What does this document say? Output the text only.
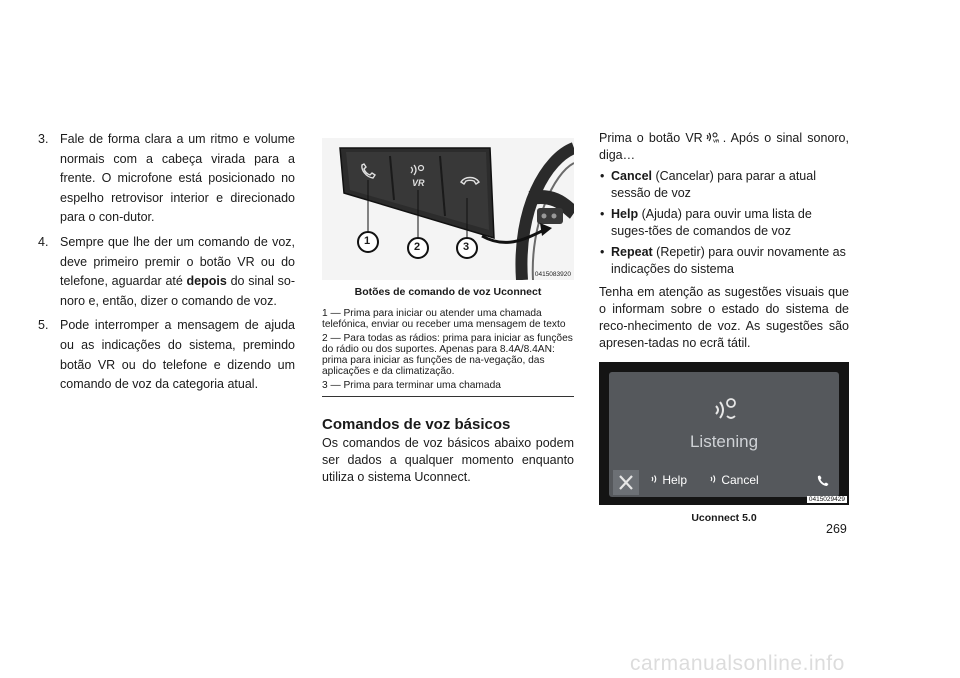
3. Fale de forma clara a um ritmo e volume normais com a cabeça virada para a frente. O microfone está posicionado no espelho retrovisor interior e direcionado para o con-dutor.
4. Sempre que lhe der um comando de voz, deve primeiro premir o botão VR ou do telefone, aguardar até depois do sinal so-noro e, então, dizer o comando de voz.
5. Pode interromper a mensagem de ajuda ou as indicações do sistema, premindo botão VR ou do telefone e dizendo um comando de voz da categoria atual.
VR
1	2	3
0415083920
Botões de comando de voz Uconnect
1 — Prima para iniciar ou atender uma chamada telefónica, enviar ou receber uma mensagem de texto
2 — Para todas as rádios: prima para iniciar as funções do rádio ou dos suportes. Apenas para 8.4A/8.4AN: prima para iniciar as funções de na-vegação, das aplicações e da climatização.
3 — Prima para terminar uma chamada
Comandos de voz básicos
Os comandos de voz básicos abaixo podem ser dados a qualquer momento enquanto utiliza o sistema Uconnect.
Prima o botão VR VR . Após o sinal sonoro, diga…
• Cancel (Cancelar) para parar a atual sessão de voz
• Help (Ajuda) para ouvir uma lista de suges-tões de comandos de voz
• Repeat (Repetir) para ouvir novamente as indicações do sistema
Tenha em atenção as sugestões visuais que o informam sobre o estado do sistema de reco-nhecimento de voz. As sugestões são apresen-tadas no ecrã tátil.
Listening
Help	Cancel
0415029429
Uconnect 5.0
269
carmanualsonline.info
